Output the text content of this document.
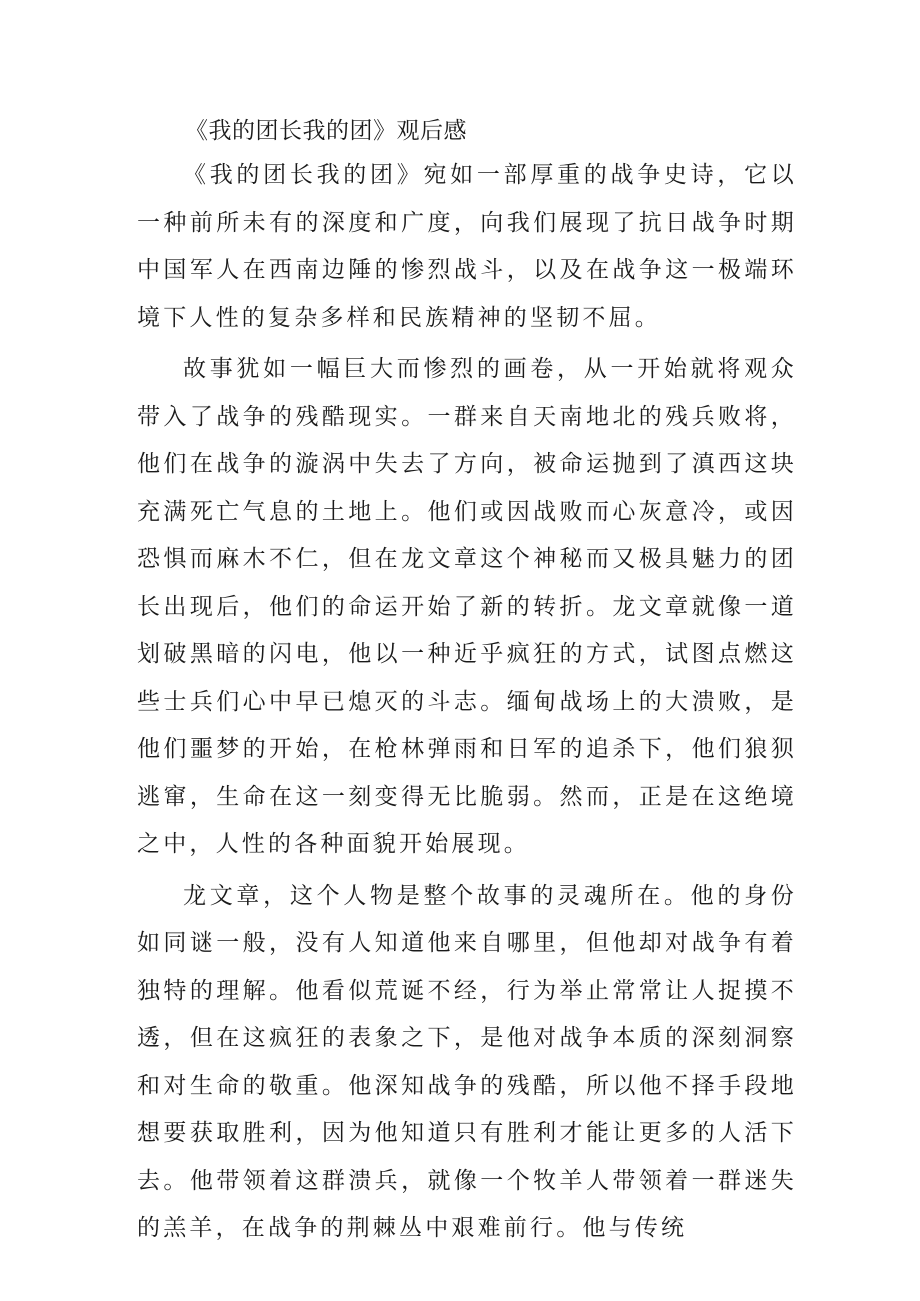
《我的团长我的团》观后感

《我的团长我的团》宛如一部厚重的战争史诗，它以一种前所未有的深度和广度，向我们展现了抗日战争时期中国军人在西南边陲的惨烈战斗，以及在战争这一极端环境下人性的复杂多样和民族精神的坚韧不屈。

故事犹如一幅巨大而惨烈的画卷，从一开始就将观众带入了战争的残酷现实。一群来自天南地北的残兵败将，他们在战争的漩涡中失去了方向，被命运抛到了滇西这块充满死亡气息的土地上。他们或因战败而心灰意冷，或因恐惧而麻木不仁，但在龙文章这个神秘而又极具魅力的团长出现后，他们的命运开始了新的转折。龙文章就像一道划破黑暗的闪电，他以一种近乎疯狂的方式，试图点燃这些士兵们心中早已熄灭的斗志。缅甸战场上的大溃败，是他们噩梦的开始，在枪林弹雨和日军的追杀下，他们狼狈逃窜，生命在这一刻变得无比脆弱。然而，正是在这绝境之中，人性的各种面貌开始展现。

龙文章，这个人物是整个故事的灵魂所在。他的身份如同谜一般，没有人知道他来自哪里，但他却对战争有着独特的理解。他看似荒诞不经，行为举止常常让人捉摸不透，但在这疯狂的表象之下，是他对战争本质的深刻洞察和对生命的敬重。他深知战争的残酷，所以他不择手段地想要获取胜利，因为他知道只有胜利才能让更多的人活下去。他带领着这群溃兵，就像一个牧羊人带领着一群迷失的羔羊，在战争的荆棘丛中艰难前行。他与传统
